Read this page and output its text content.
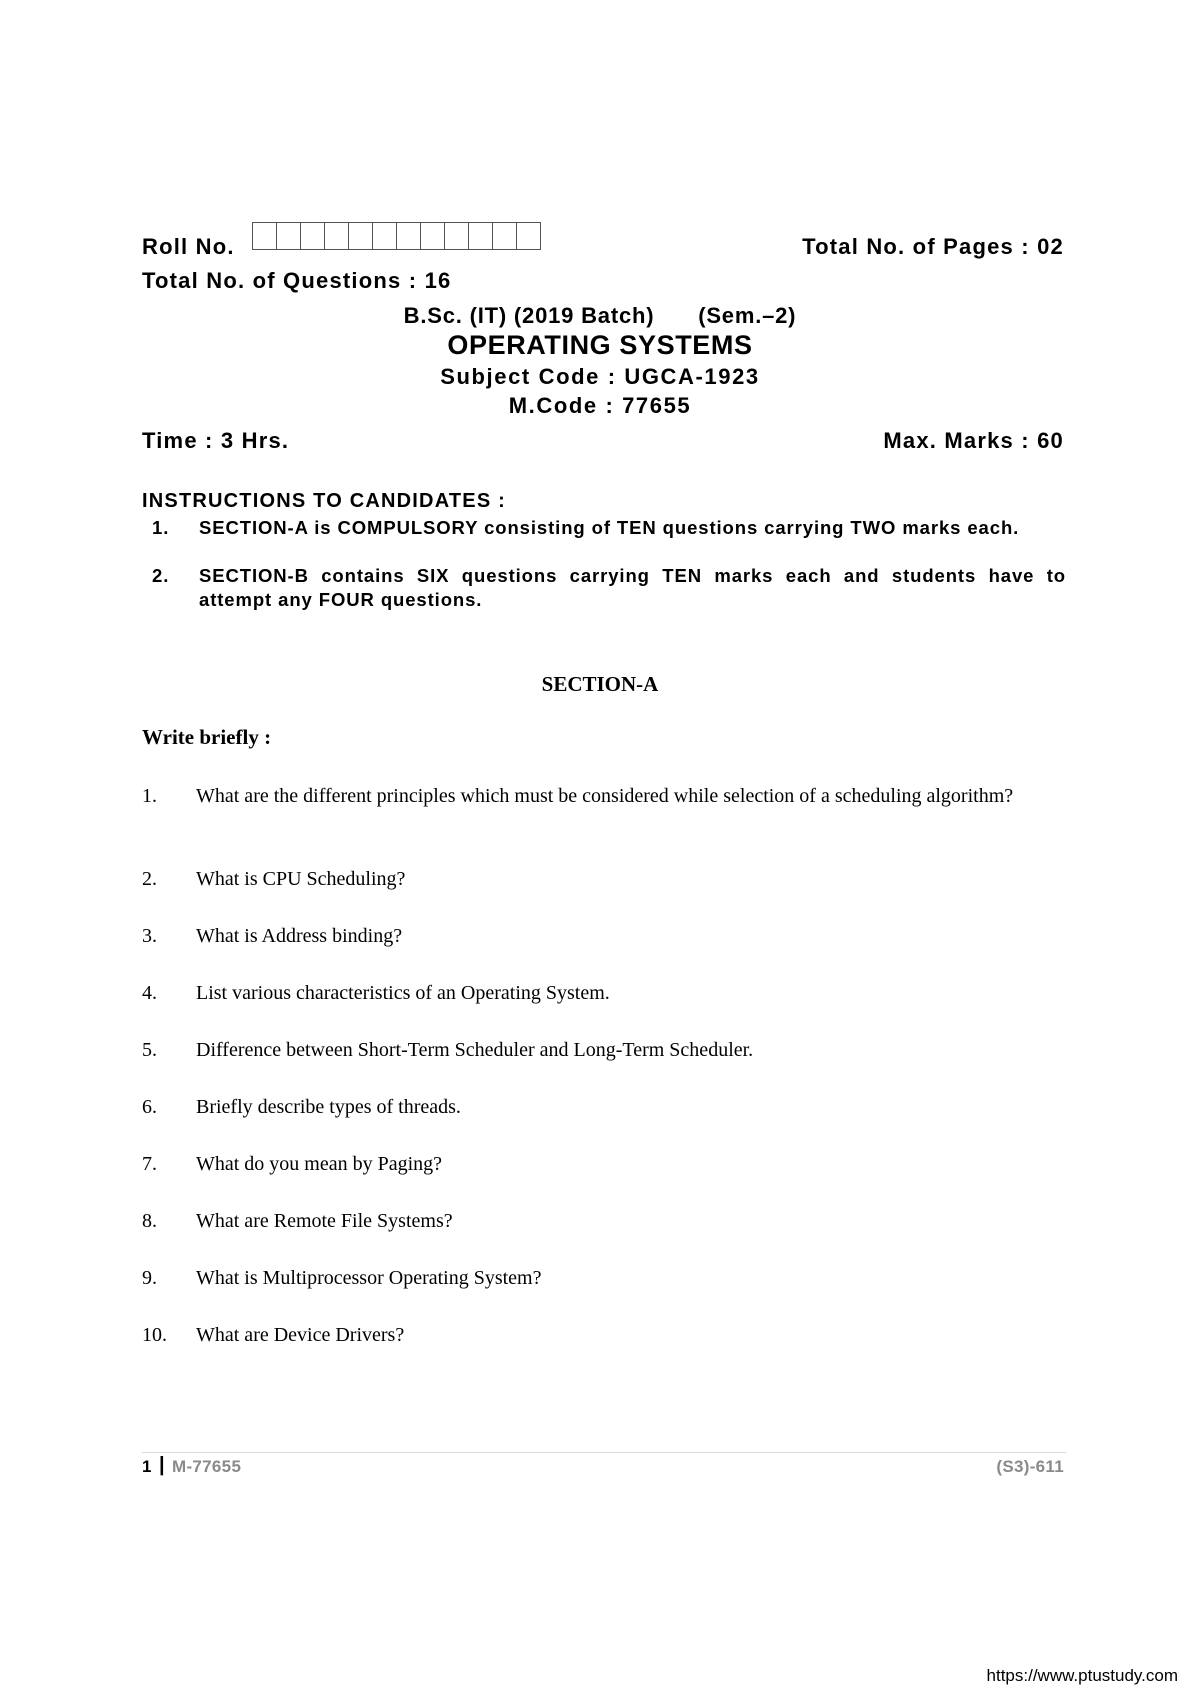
Roll No.	Total No. of Pages : 02
Total No. of Questions : 16
B.Sc. (IT) (2019 Batch) (Sem.–2)
OPERATING SYSTEMS
Subject Code : UGCA-1923
M.Code : 77655
Time : 3 Hrs.	Max. Marks : 60
INSTRUCTIONS TO CANDIDATES :
1. SECTION-A is COMPULSORY consisting of TEN questions carrying TWO marks each.
2. SECTION-B contains SIX questions carrying TEN marks each and students have to attempt any FOUR questions.
SECTION-A
Write briefly :
1. What are the different principles which must be considered while selection of a scheduling algorithm?
2. What is CPU Scheduling?
3. What is Address binding?
4. List various characteristics of an Operating System.
5. Difference between Short-Term Scheduler and Long-Term Scheduler.
6. Briefly describe types of threads.
7. What do you mean by Paging?
8. What are Remote File Systems?
9. What is Multiprocessor Operating System?
10. What are Device Drivers?
1 | M-77655	(S3)-611
https://www.ptustudy.com
